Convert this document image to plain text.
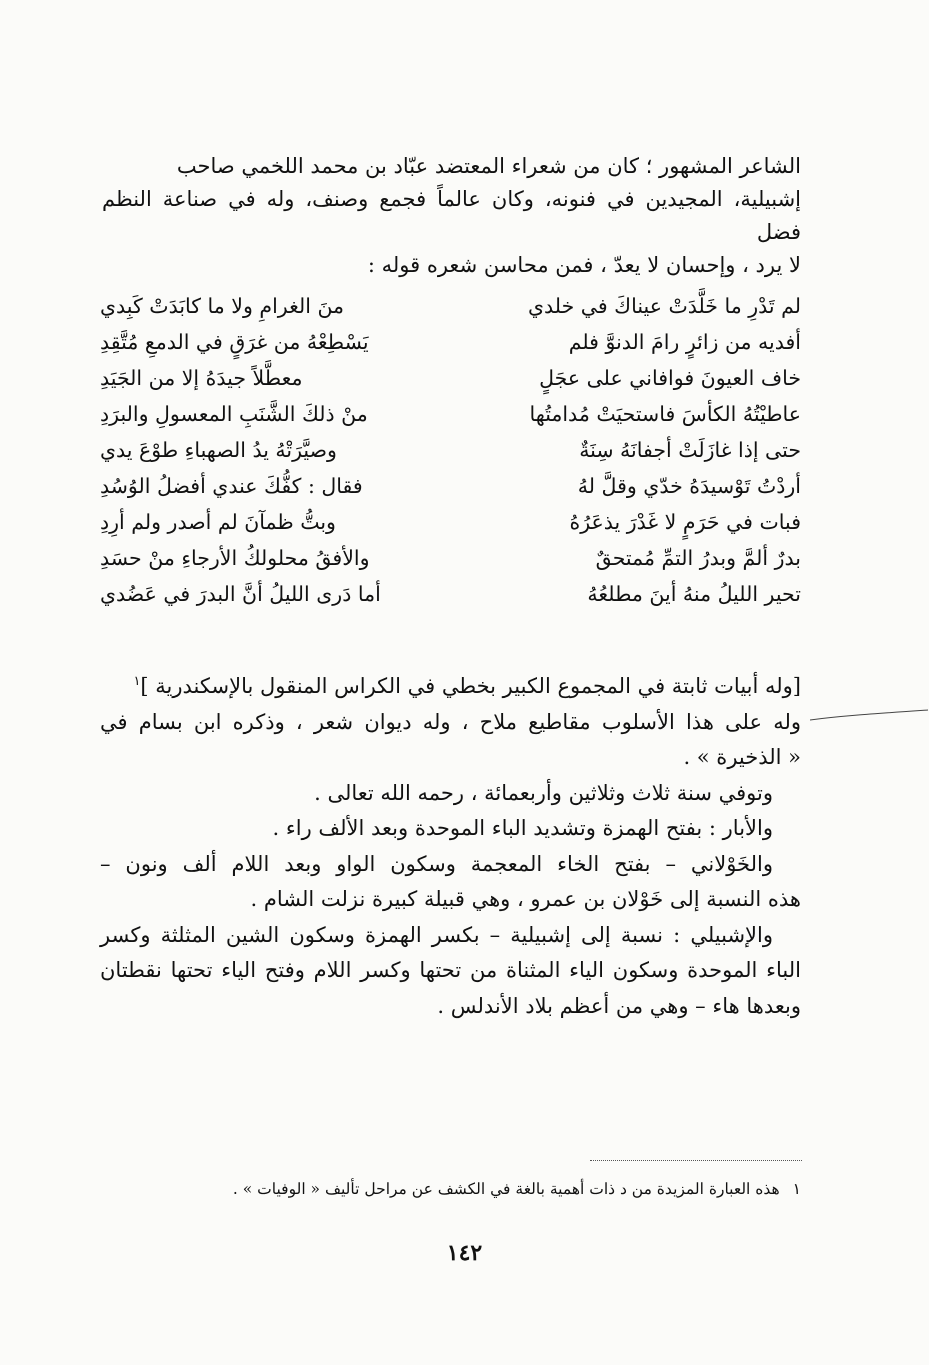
الشاعر المشهور ؛ كان من شعراء المعتضد عبّاد بن محمد اللخمي صاحب

إشبيلية، المجيدين في فنونه، وكان عالماً فجمع وصنف، وله في صناعة النظم فضل

لا يرد ، وإحسان لا يعدّ ، فمن محاسن شعره قوله :

لم تَدْرِ ما خَلَّدَتْ عيناكَ في خلدي
منَ الغرامِ ولا ما كابَدَتْ كَبِدي
أفديه من زائرٍ رامَ الدنوَّ فلم
يَسْطِعْهُ من غرَقٍ في الدمعِ مُتَّقِدِ
خاف العيونَ فوافاني على عجَلٍ
معطَّلاً جيدَهُ إلا من الجَيَدِ
عاطيْتُهُ الكأسَ فاستحيَتْ مُدامتُها
منْ ذلكَ الشَّنَبِ المعسولِ والبرَدِ
حتى إذا غازَلَتْ أجفانَهُ سِنَةٌ
وصيَّرَتْهُ يدُ الصهباءِ طوْعَ يدي
أردْتُ تَوْسيدَهُ خدّي وقلَّ لهُ
فقال : كفُّكَ عندي أفضلُ الوُسُدِ
فبات في حَرَمٍ لا غَدْرَ يذعَرُهُ
وبتُّ ظمآنَ لم أصدر ولم أرِدِ
بدرٌ ألمَّ وبدرُ التمِّ مُمتحقٌ
والأفقُ محلولكُ الأرجاءِ منْ حسَدِ
تحير الليلُ منهُ أينَ مطلعُهُ
أما دَرى الليلُ أنَّ البدرَ في عَضُدي
[وله أبيات ثابتة في المجموع الكبير بخطي في الكراس المنقول بالإسكندرية ]$^١$
وله على هذا الأسلوب مقاطيع ملاح ، وله ديوان شعر ، وذكره ابن بسام في
« الذخيرة » .
وتوفي سنة ثلاث وثلاثين وأربعمائة ، رحمه الله تعالى .
والأبار : بفتح الهمزة وتشديد الباء الموحدة وبعد الألف راء .
والخَوْلاني – بفتح الخاء المعجمة وسكون الواو وبعد اللام ألف ونون –
هذه النسبة إلى خَوْلان بن عمرو ، وهي قبيلة كبيرة نزلت الشام .
والإشبيلي : نسبة إلى إشبيلية – بكسر الهمزة وسكون الشين المثلثة وكسر
الباء الموحدة وسكون الياء المثناة من تحتها وكسر اللام وفتح الياء تحتها نقطتان
وبعدها هاء – وهي من أعظم بلاد الأندلس .
١ هذه العبارة المزيدة من د ذات أهمية بالغة في الكشف عن مراحل تأليف « الوفيات » .
١٤٢
